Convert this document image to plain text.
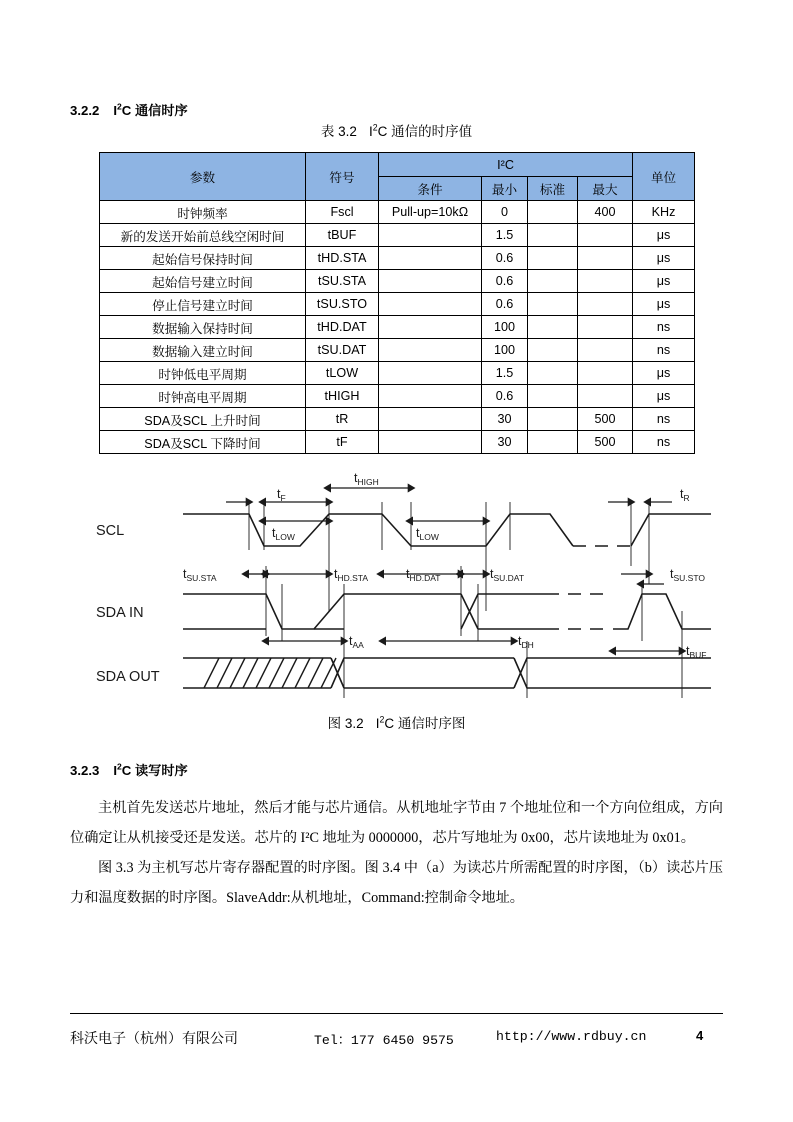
3.2.2 $I^2C$ 通信时序
表 3.2 $I^2C$ 通信的时序值
参数	符号	I²C				单位
		条件	最小	标准	最大	
时钟频率	Fscl	Pull-up=10kΩ	0		400	KHz
新的发送开始前总线空闲时间	tBUF		1.5			μs
起始信号保持时间	tHD.STA		0.6			μs
起始信号建立时间	tSU.STA		0.6			μs
停止信号建立时间	tSU.STO		0.6			μs
数据输入保持时间	tHD.DAT		100			ns
数据输入建立时间	tSU.DAT		100			ns
时钟低电平周期	tLOW		1.5			μs
时钟高电平周期	tHIGH		0.6			μs
SDA及SCL 上升时间	tR		30		500	ns
SDA及SCL 下降时间	tF		30		500	ns
SCL
SDA IN
SDA OUT
$t_F$
$t_{HIGH}$
$t_{LOW}$	$t_{LOW}$
$t_R$
$t_{SU.STA}$	$t_{HD.STA}$	$t_{HD.DAT}$	$t_{SU.DAT}$	$t_{SU.STO}$
$t_{AA}$	$t_{DH}$	$t_{BUF}$
图 3.2 $I^2C$ 通信时序图
3.2.3 $I^2C$ 读写时序
主机首先发送芯片地址，然后才能与芯片通信。从机地址字节由 7 个地址位和一个方向位组成，方向位确定让从机接受还是发送。芯片的 I²C 地址为 0000000，芯片写地址为 0x00，芯片读地址为 0x01。
图 3.3 为主机写芯片寄存器配置的时序图。图 3.4 中（a）为读芯片所需配置的时序图，（b）读芯片压力和温度数据的时序图。SlaveAddr:从机地址，Command:控制命令地址。
科沃电子（杭州）有限公司	Tel：177 6450 9575	http://www.rdbuy.cn	4
